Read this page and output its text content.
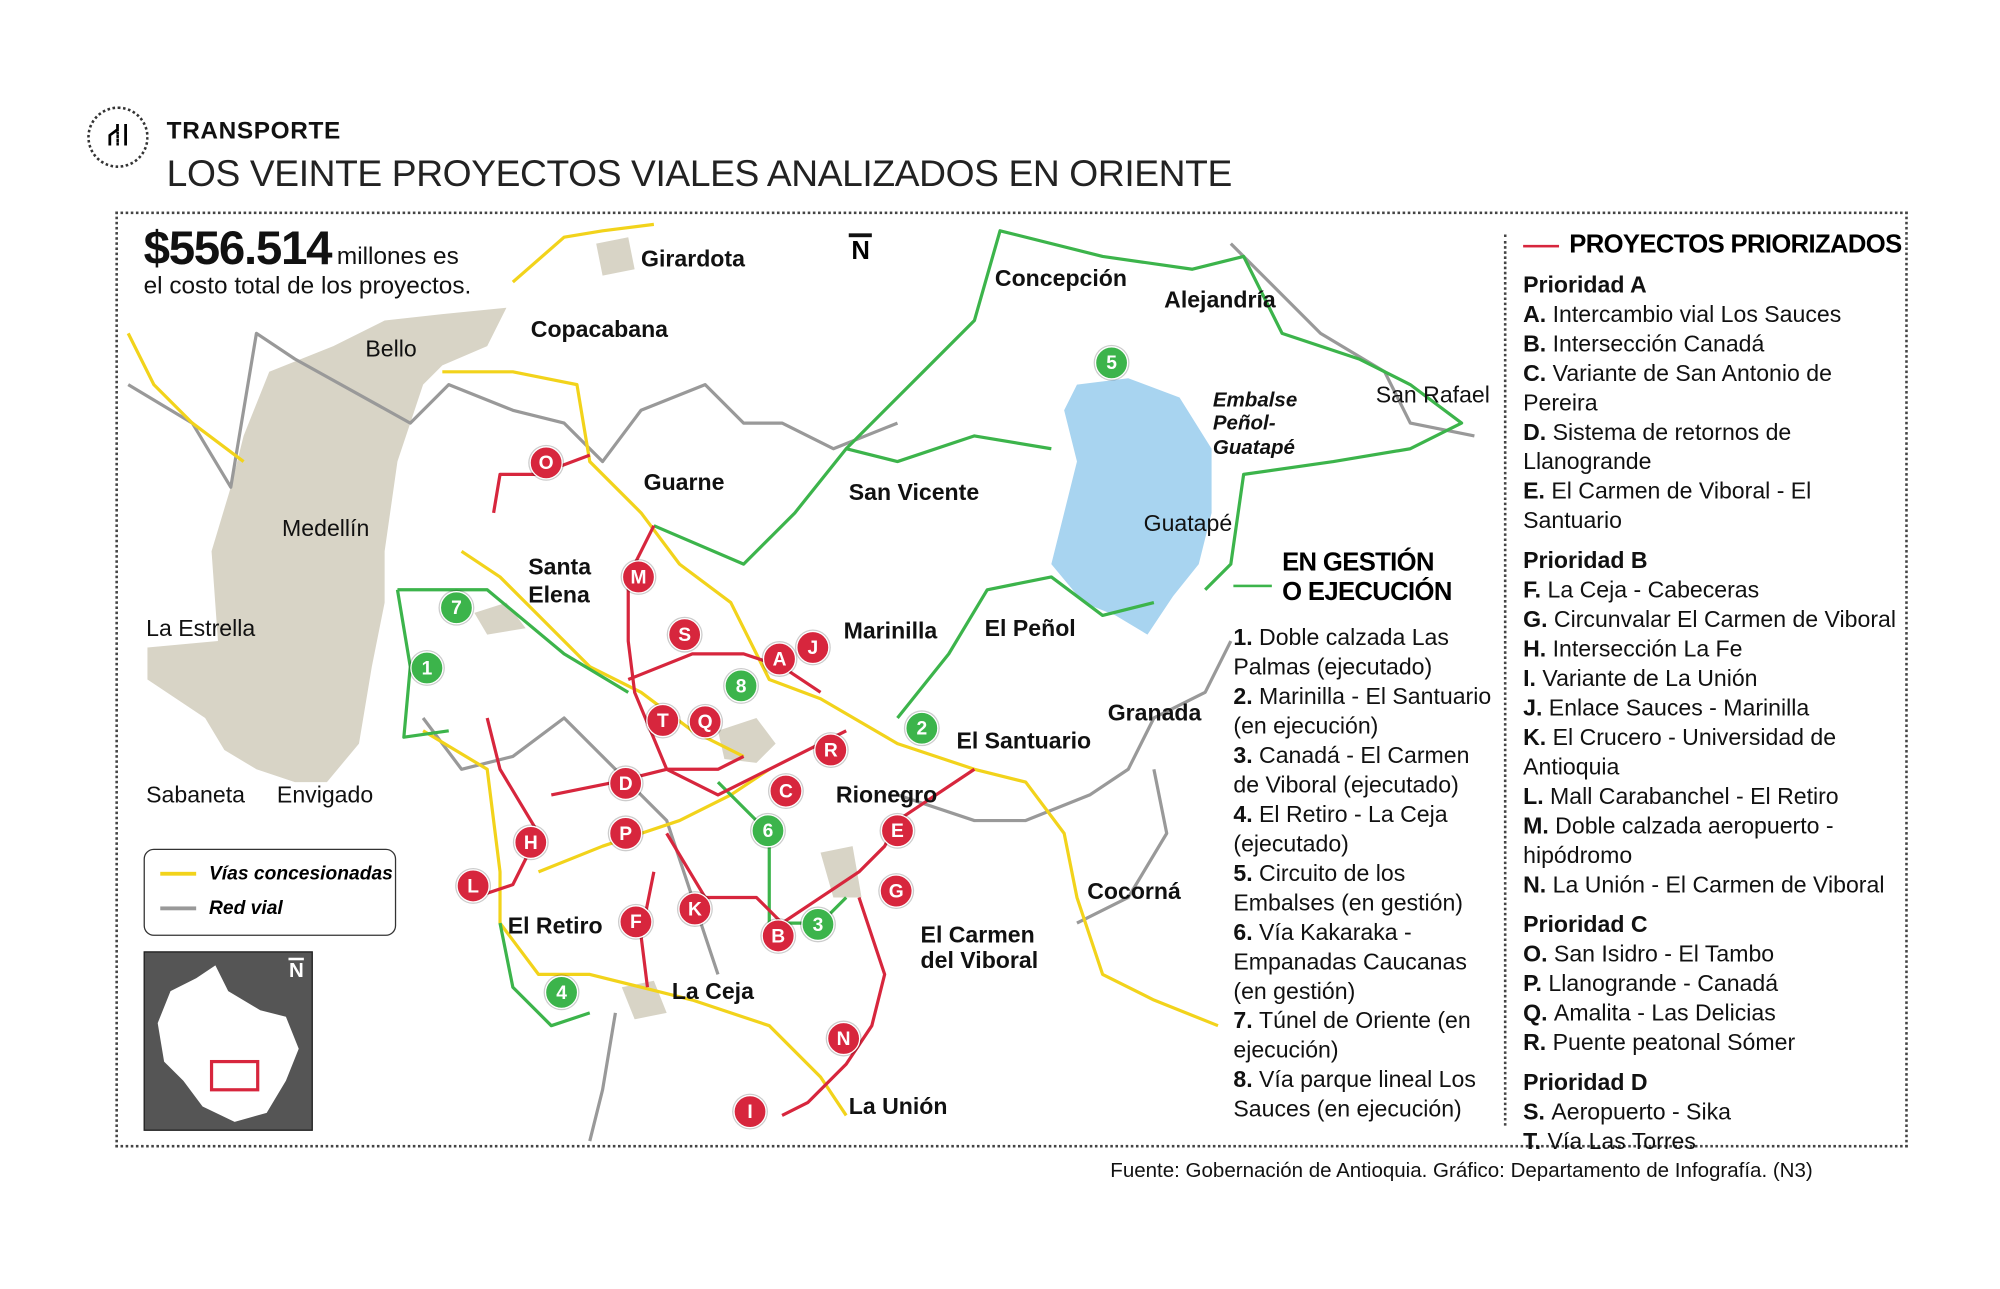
⛙	TRANSPORTE
LOS VEINTE PROYECTOS VIALES ANALIZADOS EN ORIENTE
$556.514 millones es
el costo total de los proyectos.
N
Girardota
Copacabana
Bello
Concepción
Alejandría
San Rafael
Medellín
Guarne	San Vicente
Santa
Elena
La Estrella	Marinilla	El Peñol
Guatapé
Granada
El Santuario
Sabaneta Envigado	Rionegro
Cocorná
El Retiro	El Carmen
del Viboral
La Ceja
La Unión
Embalse Peñol-Guatapé
O
M
S
A
J
T	Q
R
D	C
P	E
H
G
L
F
K
B
N
I
5
7
1
8
2
6
3
4
Vías concesionadas
Red vial
N
EN GESTIÓN
O EJECUCIÓN
1. Doble calzada Las Palmas (ejecutado)
2. Marinilla - El Santuario (en ejecución)
3. Canadá - El Carmen de Viboral (ejecutado)
4. El Retiro - La Ceja (ejecutado)
5. Circuito de los Embalses (en gestión)
6. Vía Kakaraka - Empanadas Caucanas (en gestión)
7. Túnel de Oriente (en ejecución)
8. Vía parque lineal Los Sauces (en ejecución)
PROYECTOS PRIORIZADOS
Prioridad A
A. Intercambio vial Los Sauces
B. Intersección Canadá
C. Variante de San Antonio de Pereira
D. Sistema de retornos de Llanogrande
E. El Carmen de Viboral - El Santuario
Prioridad B
F. La Ceja - Cabeceras
G. Circunvalar El Carmen de Viboral
H. Intersección La Fe
I. Variante de La Unión
J. Enlace Sauces - Marinilla
K. El Crucero - Universidad de Antioquia
L. Mall Carabanchel - El Retiro
M. Doble calzada aeropuerto - hipódromo
N. La Unión - El Carmen de Viboral
Prioridad C
O. San Isidro - El Tambo
P. Llanogrande - Canadá
Q. Amalita - Las Delicias
R. Puente peatonal Sómer
Prioridad D
S. Aeropuerto - Sika
T. Vía Las Torres
Fuente: Gobernación de Antioquia. Gráfico: Departamento de Infografía. (N3)
